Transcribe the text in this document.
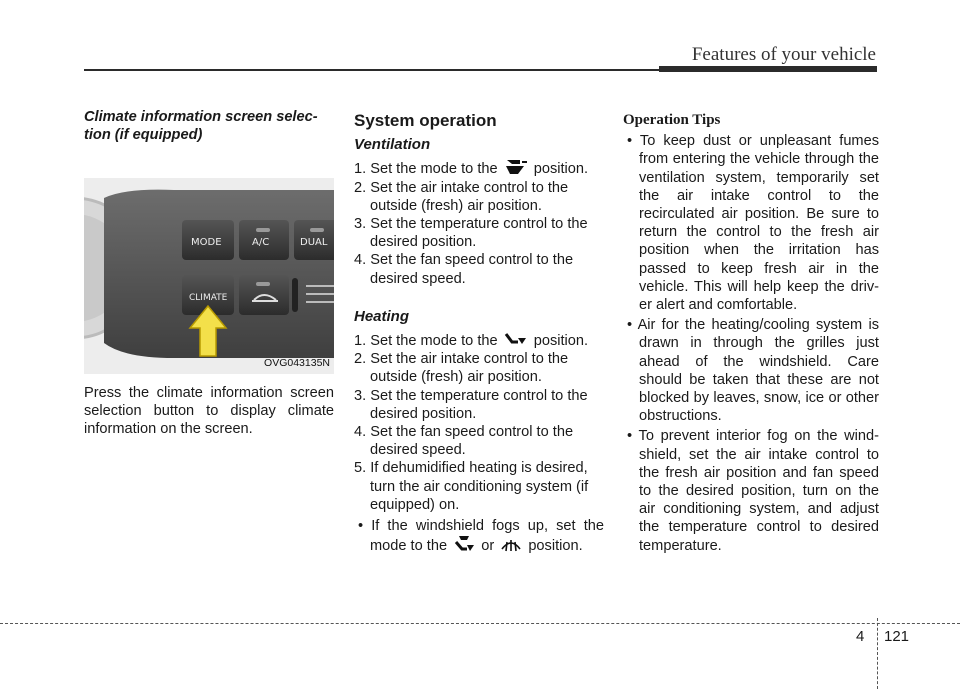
Features of your vehicle
Climate information screen selec-
tion (if equipped)
MODE	A/C	DUAL
CLIMATE
OVG043135N
Press the climate information screen selection button to display climate information on the screen.
System operation
Ventilation
1. Set the mode to the position.
2. Set the air intake control to the outside (fresh) air position.
3. Set the temperature control to the desired position.
4. Set the fan speed control to the desired speed.
Heating
1. Set the mode to the position.
2. Set the air intake control to the outside (fresh) air position.
3. Set the temperature control to the desired position.
4. Set the fan speed control to the desired speed.
5. If dehumidified heating is desired, turn the air conditioning system (if equipped) on.
• If the windshield fogs up, set the mode to the or position.
Operation Tips
• To keep dust or unpleasant fumes from entering the vehicle through the ventilation system, temporarily set the air intake control to the recirculated air position. Be sure to return the control to the fresh air position when the irritation has passed to keep fresh air in the vehicle. This will help keep the driv-er alert and comfortable.
• Air for the heating/cooling system is drawn in through the grilles just ahead of the windshield. Care should be taken that these are not blocked by leaves, snow, ice or other obstructions.
• To prevent interior fog on the wind-shield, set the air intake control to the fresh air position and fan speed to the desired position, turn on the air conditioning system, and adjust the temperature control to desired temperature.
4 121
